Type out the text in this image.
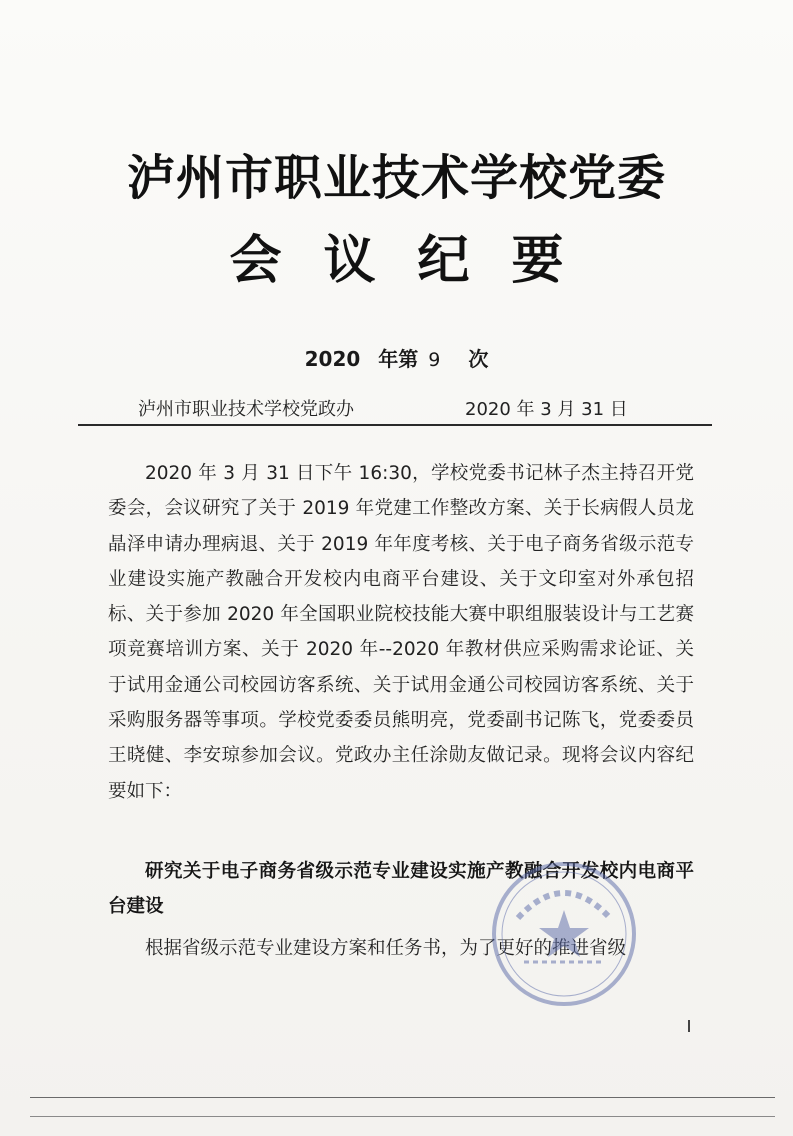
泸州市职业技术学校党委
会议纪要
2020 年第 9 次
泸州市职业技术学校党政办	2020 年 3 月 31 日

2020 年 3 月 31 日下午 16:30，学校党委书记林子杰主持召开党委会，会议研究了关于 2019 年党建工作整改方案、关于长病假人员龙晶泽申请办理病退、关于 2019 年年度考核、关于电子商务省级示范专业建设实施产教融合开发校内电商平台建设、关于文印室对外承包招标、关于参加 2020 年全国职业院校技能大赛中职组服装设计与工艺赛项竞赛培训方案、关于 2020 年--2020 年教材供应采购需求论证、关于试用金通公司校园访客系统、关于试用金通公司校园访客系统、关于采购服务器等事项。学校党委委员熊明亮，党委副书记陈飞，党委委员王晓健、李安琼参加会议。党政办主任涂勋友做记录。现将会议内容纪要如下：

研究关于电子商务省级示范专业建设实施产教融合开发校内电商平台建设
根据省级示范专业建设方案和任务书，为了更好的推进省级
